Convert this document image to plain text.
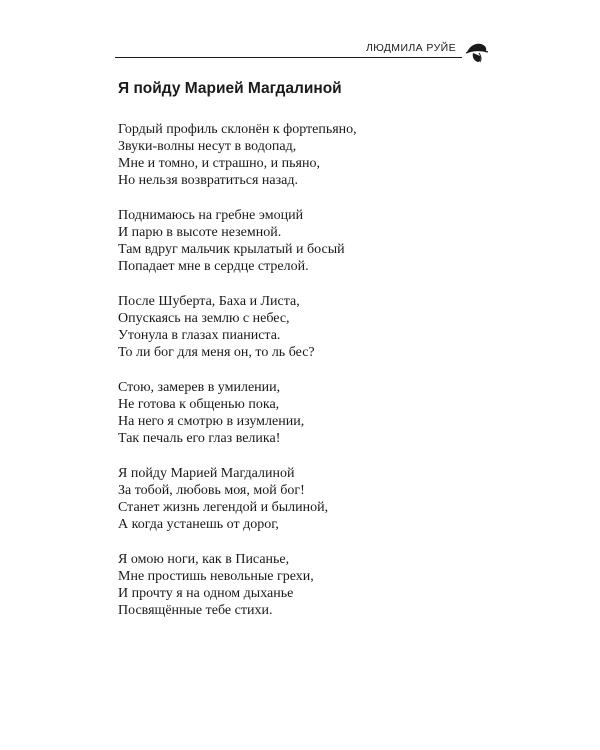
ЛЮДМИЛА РУЙЕ
Я пойду Марией Магдалиной
Гордый профиль склонён к фортепьяно,
Звуки-волны несут в водопад,
Мне и томно, и страшно, и пьяно,
Но нельзя возвратиться назад.
Поднимаюсь на гребне эмоций
И парю в высоте неземной.
Там вдруг мальчик крылатый и босый
Попадает мне в сердце стрелой.
После Шуберта, Баха и Листа,
Опускаясь на землю с небес,
Утонула в глазах пианиста.
То ли бог для меня он, то ль бес?
Стою, замерев в умилении,
Не готова к общенью пока,
На него я смотрю в изумлении,
Так печаль его глаз велика!
Я пойду Марией Магдалиной
За тобой, любовь моя, мой бог!
Станет жизнь легендой и былиной,
А когда устанешь от дорог,
Я омою ноги, как в Писанье,
Мне простишь невольные грехи,
И прочту я на одном дыханье
Посвящённые тебе стихи.
